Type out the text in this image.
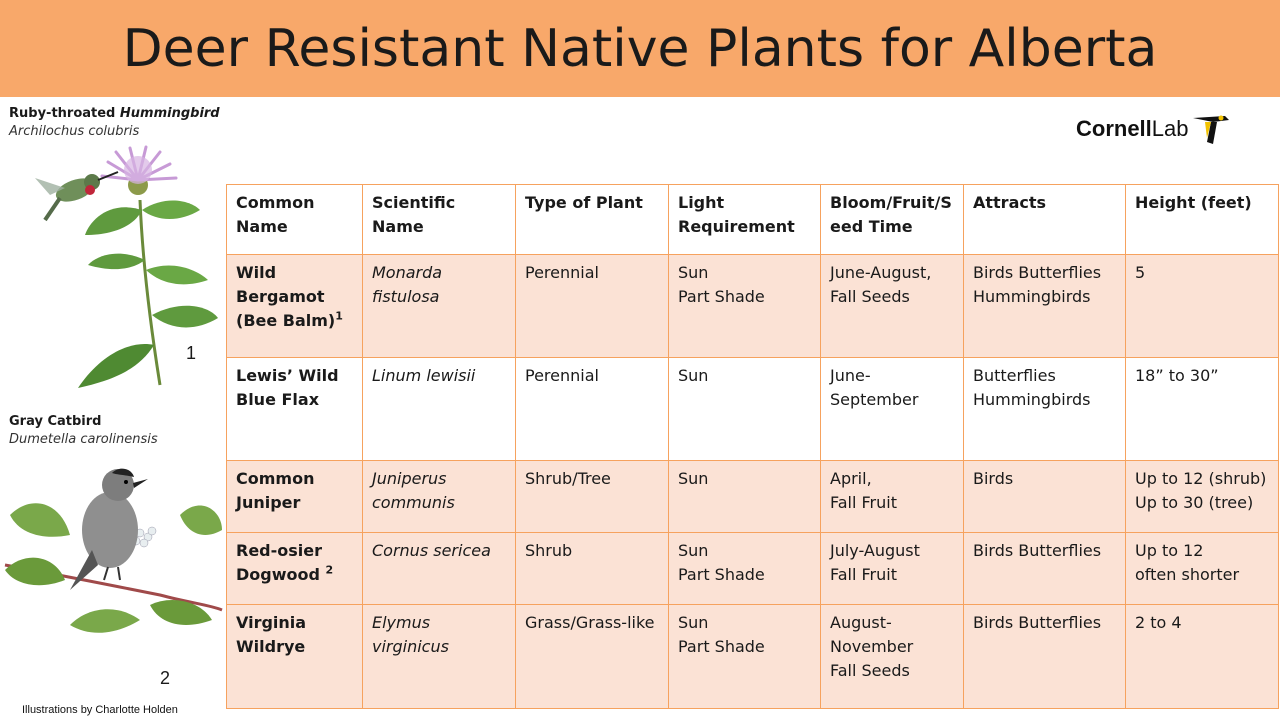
Deer Resistant Native Plants for Alberta
Ruby-throated Hummingbird
Archilochus colubris
1
Gray Catbird
Dumetella carolinensis
2
Illustrations by Charlotte Holden
Cornell Lab
Common
Name	Scientific Name	Type of Plant	Light
Requirement	Bloom/Fruit/S
eed Time	Attracts	Height (feet)

Wild
Bergamot
(Bee Balm)$^1$	Monarda
fistulosa	Perennial	Sun
Part Shade	June-August,
Fall Seeds	Birds Butterflies
Hummingbirds	5

Lewis’ Wild
Blue Flax	Linum lewisii	Perennial	Sun	June-
September	Butterflies
Hummingbirds	18” to 30”

Common
Juniper	Juniperus
communis	Shrub/Tree	Sun	April,
Fall Fruit	Birds	Up to 12 (shrub)
Up to 30 (tree)

Red-osier
Dogwood $^2$	Cornus sericea	Shrub	Sun
Part Shade	July-August
Fall Fruit	Birds Butterflies	Up to 12
often shorter

Virginia
Wildrye	Elymus
virginicus	Grass/Grass-like	Sun
Part Shade	August-
November
Fall Seeds	Birds Butterflies	2 to 4
